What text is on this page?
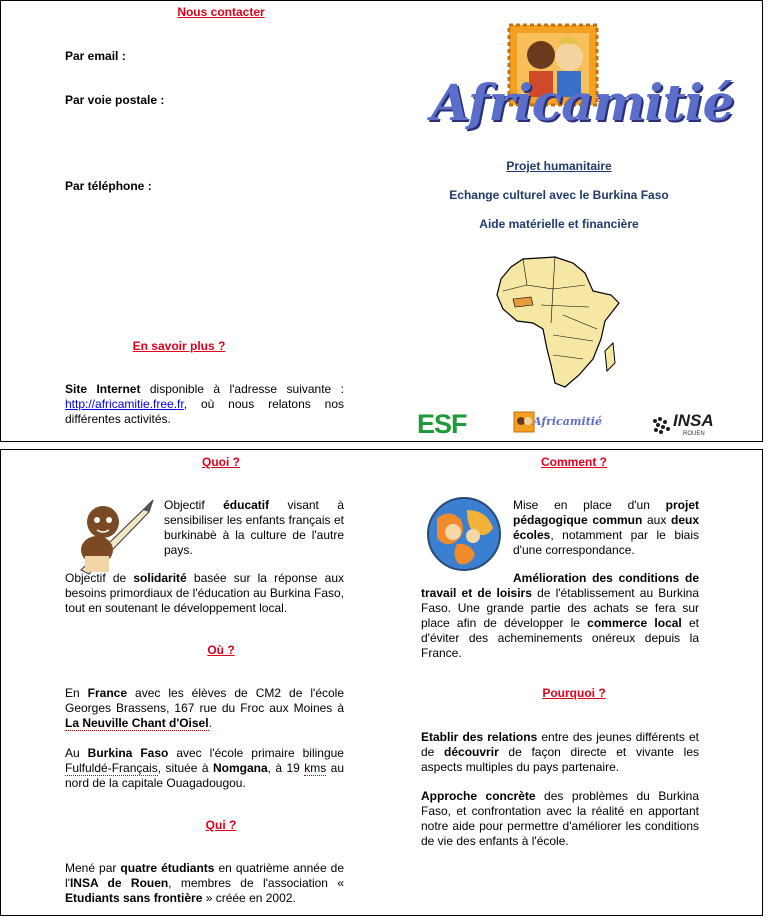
Nous contacter
Par email :
Par voie postale :
Par téléphone :
En savoir plus ?
Site Internet disponible à l'adresse suivante : http://africamitie.free.fr, où nous relatons nos différentes activités.
Africamitié
Projet humanitaire
Echange culturel avec le Burkina Faso
Aide matérielle et financière
ESF	Africamitié	INSA
ROUEN
Quoi ?
Objectif éducatif visant à sensibiliser les enfants français et burkinabè à la culture de l'autre pays.
Objectif de solidarité basée sur la réponse aux besoins primordiaux de l'éducation au Burkina Faso, tout en soutenant le développement local.
Où ?
En France avec les élèves de CM2 de l'école Georges Brassens, 167 rue du Froc aux Moines à La Neuville Chant d'Oisel.
Au Burkina Faso avec l'école primaire bilingue Fulfuldé-Français, située à Nomgana, à 19 kms au nord de la capitale Ouagadougou.
Qui ?
Mené par quatre étudiants en quatrième année de l'INSA de Rouen, membres de l'association « Etudiants sans frontière » créée en 2002.
Comment ?
Mise en place d'un projet pédagogique commun aux deux écoles, notamment par le biais d'une correspondance.
Amélioration des conditions de travail et de loisirs de l'établissement au Burkina Faso. Une grande partie des achats se fera sur place afin de développer le commerce local et d'éviter des acheminements onéreux depuis la France.
Pourquoi ?
Etablir des relations entre des jeunes différents et de découvrir de façon directe et vivante les aspects multiples du pays partenaire.
Approche concrète des problèmes du Burkina Faso, et confrontation avec la réalité en apportant notre aide pour permettre d'améliorer les conditions de vie des enfants à l'école.
